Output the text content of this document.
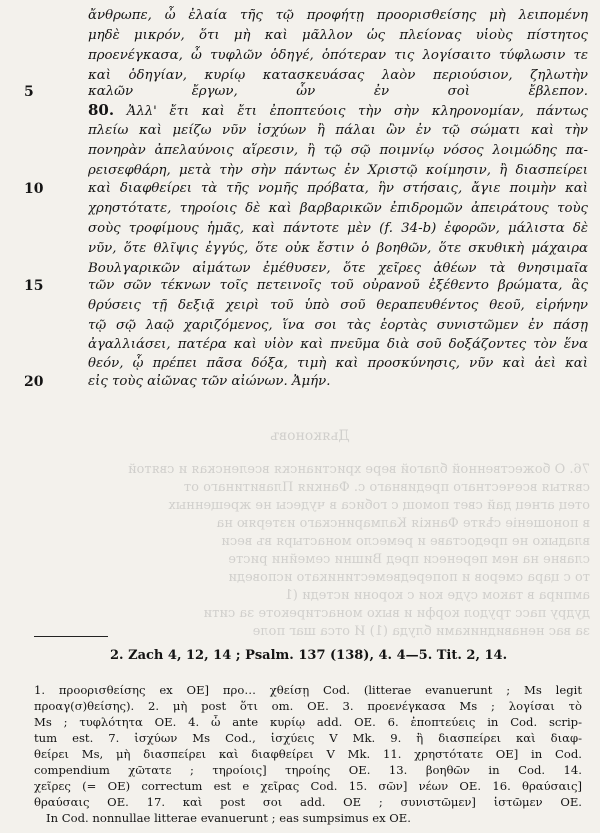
ἄνθρωπε, ὦ ἐλαία τῆς τῷ προφήτῃ προορισθείσης μὴ λειπομένη
μηδὲ μικρόν, ὅτι μὴ καὶ μᾶλλον ὡς πλείονας υἱοὺς πίστητος
προενέγκασα, ὦ τυφλῶν ὁδηγέ, ὁπότεραν τις λογίσαιτο τύφλωσιν τε
καὶ ὁδηγίαν, κυρίῳ κατασκευάσας λαὸν περιούσιον, ζηλωτὴν
5	καλῶν ἔργων, ὧν ἐν σοὶ ἔβλεπον.
80. Ἀλλ' ἔτι καὶ ἔτι ἐποπτεύοις τὴν σὴν κληρονομίαν, πάντως
πλείω καὶ μείζω νῦν ἰσχύων ἢ πάλαι ὢν ἐν τῷ σώματι καὶ τὴν
πονηρὰν ἀπελαύνοις αἵρεσιν, ἢ τῷ σῷ ποιμνίῳ νόσος λοιμώδης πα-
ρεισεφθάρη, μετὰ τὴν σὴν πάντως ἐν Χριστῷ κοίμησιν, ἢ διασπείρει
10	καὶ διαφθείρει τὰ τῆς νομῆς πρόβατα, ἣν στήσαις, ἄγιε ποιμὴν καὶ
χρηστότατε, τηροίοις δὲ καὶ βαρβαρικῶν ἐπιδρομῶν ἀπειράτους τοὺς
σοὺς τροφίμους ἡμᾶς, καὶ πάντοτε μὲν (f. 34-b) ἐφορῶν, μάλιστα δὲ
νῦν, ὅτε θλῖψις ἐγγύς, ὅτε οὐκ ἔστιν ὁ βοηθῶν, ὅτε σκυθικὴ μάχαιρα
Βουλγαρικῶν αἱμάτων ἐμέθυσεν, ὅτε χεῖρες ἀθέων τὰ θνησιμαῖα
15	τῶν σῶν τέκνων τοῖς πετεινοῖς τοῦ οὐρανοῦ ἐξέθεντο βρώματα, ἃς
θρύσεις τῇ δεξιᾷ χειρὶ τοῦ ὑπὸ σοῦ θεραπευθέντος θεοῦ, εἰρήνην
τῷ σῷ λαῷ χαριζόμενος, ἵνα σοι τὰς ἑορτὰς συνιστῶμεν ἐν πάσῃ
ἀγαλλιάσει, πατέρα καὶ υἱὸν καὶ πνεῦμα διὰ σοῦ δοξάζοντες τὸν ἕνα
θεόν, ᾧ πρέπει πᾶσα δόξα, τιμὴ καὶ προσκύνησις, νῦν καὶ ἀεὶ καὶ
20	εἰς τοὺς αἰῶνας τῶν αἰώνων. Ἀμήν.
Дьяконовъ
76. О божественной благой вере христианскя вселенская и святой
святыя всечестнаго предивнаго с. Фанкия Плавитинаго от
отец агнец дай свет помощ с гобиса в чудесы не жрещенных
в поношеніе сѣяте Фанкія Калмаринскаго изтеряю на
владыко не предоставе и ремесло монастыря въ веси
славне на нем перенеси пред Вишни семейни ристе
то с цара смеров и попередвеместиникато исповеди
ампира в таком суде кои с корони истеди (1
дудру пасс трудол корфи и выхо монастирекоте за сити
за вас ненавидниками блуда (1) И отса шаг поле
2. Zach 4, 12, 14 ; Psalm. 137 (138), 4. 4—5. Tit. 2, 14.
1. προορισθείσης ex OE] προ… χθείσῃ Cod. (litterae evanuerunt ; Ms legit
προαγ(σ)θείσης). 2. μὴ post ὅτι om. OE. 3. προενέγκασα Ms ; λογίσαι τὸ
Ms ; τυφλότητα OE. 4. ὦ ante κυρίῳ add. OE. 6. ἐποπτεύεις in Cod. scrip-
tum est. 7. ἰσχύων Ms Cod., ἰσχύεις V Mk. 9. ἢ διασπείρει καὶ διαφ-
θείρει Ms, μὴ διασπείρει καὶ διαφθείρει V Mk. 11. χρηστότατε OE] in Cod.
compendium χῶτατε ; τηροίοις] τηροίης OE. 13. βοηθῶν in Cod. 14.
χεῖρες (= OE) correctum est e χεῖρας Cod. 15. σῶν] νέων OE. 16. θραύσαις]
θραύσαις OE. 17. καὶ post σοι add. OE ; συνιστῶμεν] ἱστῶμεν OE.
In Cod. nonnullae litterae evanuerunt ; eas sumpsimus ex OE.
